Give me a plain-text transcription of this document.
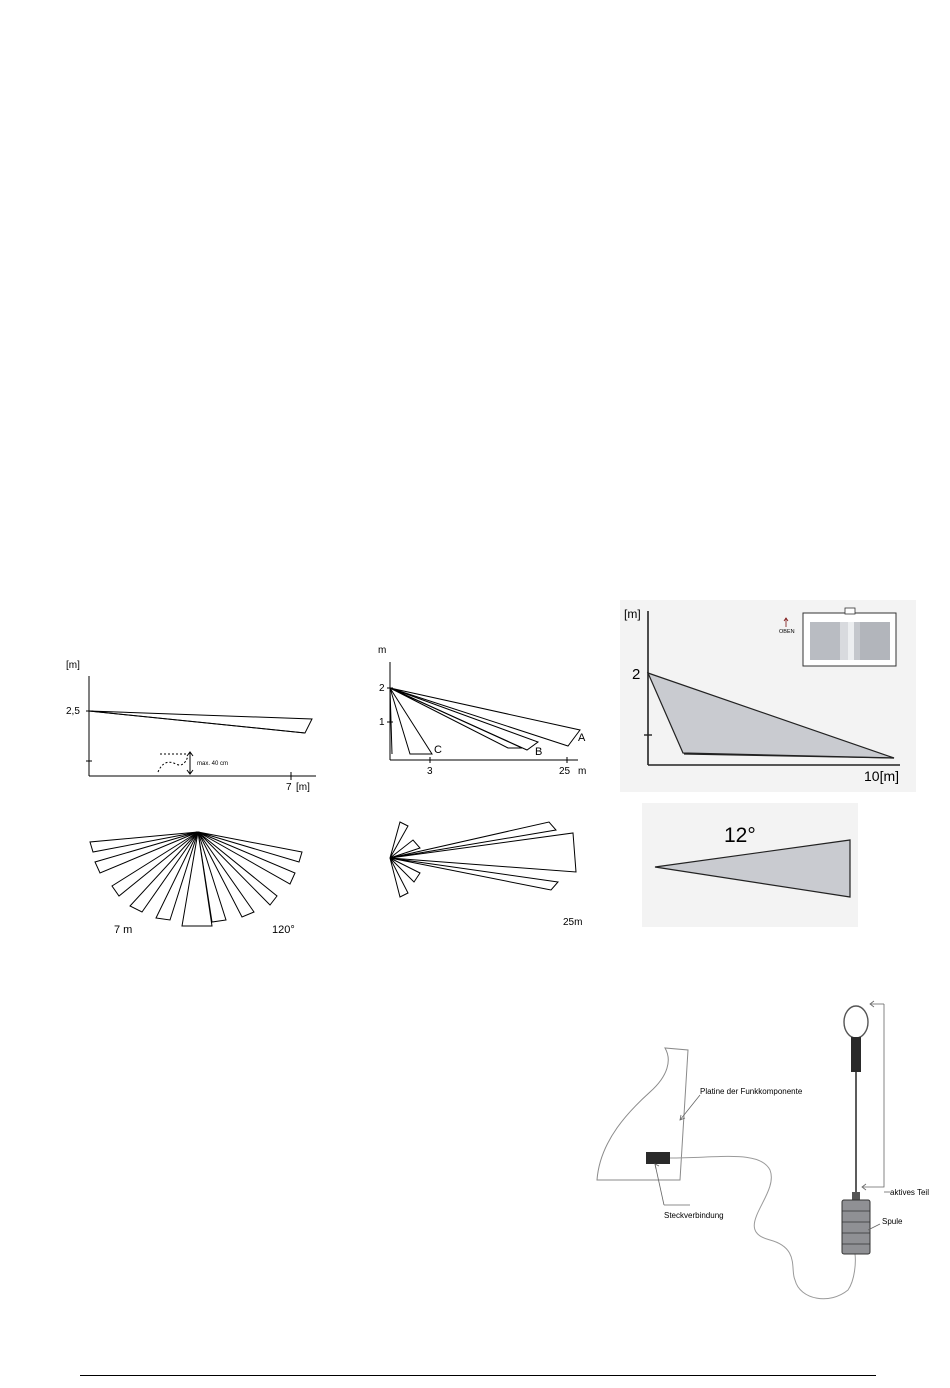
[m]
2,5
max. 40 cm
7 [m]
7 m	120°
m
2
1
A
B
C
3	25 m
25m
[m]
2
10[m]
OBEN
12°
Steckverbindung
Platine der Funkkomponente
aktives Teil
Spule
